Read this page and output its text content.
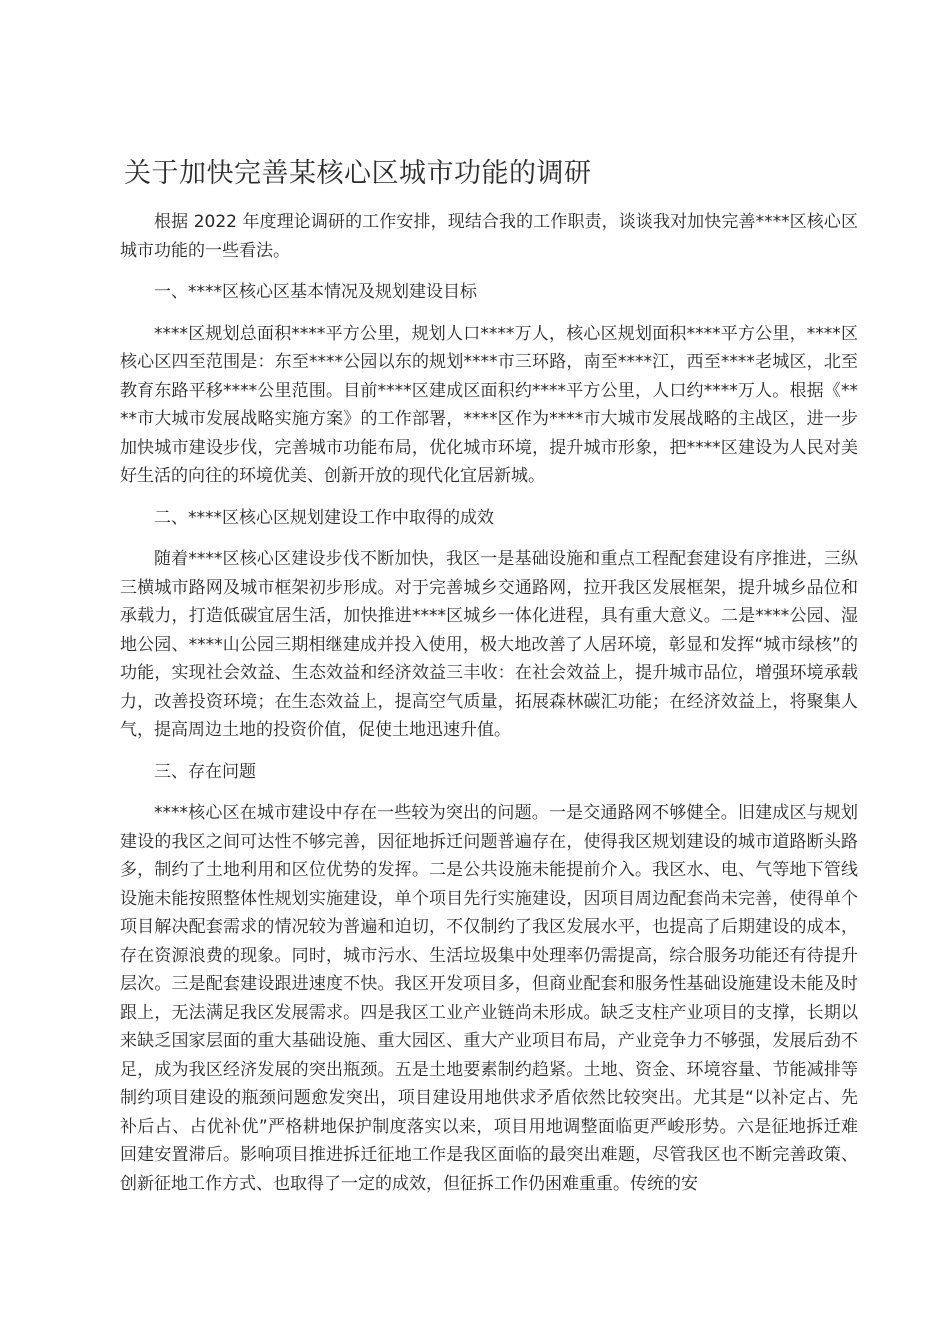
关于加快完善某核心区城市功能的调研

根据 2022 年度理论调研的工作安排，现结合我的工作职责，谈谈我对加快完善****区核心区城市功能的一些看法。

一、****区核心区基本情况及规划建设目标

****区规划总面积****平方公里，规划人口****万人，核心区规划面积****平方公里，****区核心区四至范围是：东至****公园以东的规划****市三环路，南至****江，西至****老城区，北至教育东路平移****公里范围。目前****区建成区面积约****平方公里，人口约****万人。根据《****市大城市发展战略实施方案》的工作部署，****区作为****市大城市发展战略的主战区，进一步加快城市建设步伐，完善城市功能布局，优化城市环境，提升城市形象，把****区建设为人民对美好生活的向往的环境优美、创新开放的现代化宜居新城。

二、****区核心区规划建设工作中取得的成效

随着****区核心区建设步伐不断加快，我区一是基础设施和重点工程配套建设有序推进，三纵三横城市路网及城市框架初步形成。对于完善城乡交通路网，拉开我区发展框架，提升城乡品位和承载力，打造低碳宜居生活，加快推进****区城乡一体化进程，具有重大意义。二是****公园、湿地公园、****山公园三期相继建成并投入使用，极大地改善了人居环境，彰显和发挥“城市绿核”的功能，实现社会效益、生态效益和经济效益三丰收：在社会效益上，提升城市品位，增强环境承载力，改善投资环境；在生态效益上，提高空气质量，拓展森林碳汇功能；在经济效益上，将聚集人气，提高周边土地的投资价值，促使土地迅速升值。

三、存在问题

****核心区在城市建设中存在一些较为突出的问题。一是交通路网不够健全。旧建成区与规划建设的我区之间可达性不够完善，因征地拆迁问题普遍存在，使得我区规划建设的城市道路断头路多，制约了土地利用和区位优势的发挥。二是公共设施未能提前介入。我区水、电、气等地下管线设施未能按照整体性规划实施建设，单个项目先行实施建设，因项目周边配套尚未完善，使得单个项目解决配套需求的情况较为普遍和迫切，不仅制约了我区发展水平，也提高了后期建设的成本，存在资源浪费的现象。同时，城市污水、生活垃圾集中处理率仍需提高，综合服务功能还有待提升层次。三是配套建设跟进速度不快。我区开发项目多，但商业配套和服务性基础设施建设未能及时跟上，无法满足我区发展需求。四是我区工业产业链尚未形成。缺乏支柱产业项目的支撑，长期以来缺乏国家层面的重大基础设施、重大园区、重大产业项目布局，产业竞争力不够强，发展后劲不足，成为我区经济发展的突出瓶颈。五是土地要素制约趋紧。土地、资金、环境容量、节能减排等制约项目建设的瓶颈问题愈发突出，项目建设用地供求矛盾依然比较突出。尤其是“以补定占、先补后占、占优补优”严格耕地保护制度落实以来，项目用地调整面临更严峻形势。六是征地拆迁难回建安置滞后。影响项目推进拆迁征地工作是我区面临的最突出难题，尽管我区也不断完善政策、创新征地工作方式、也取得了一定的成效，但征拆工作仍困难重重。传统的安
